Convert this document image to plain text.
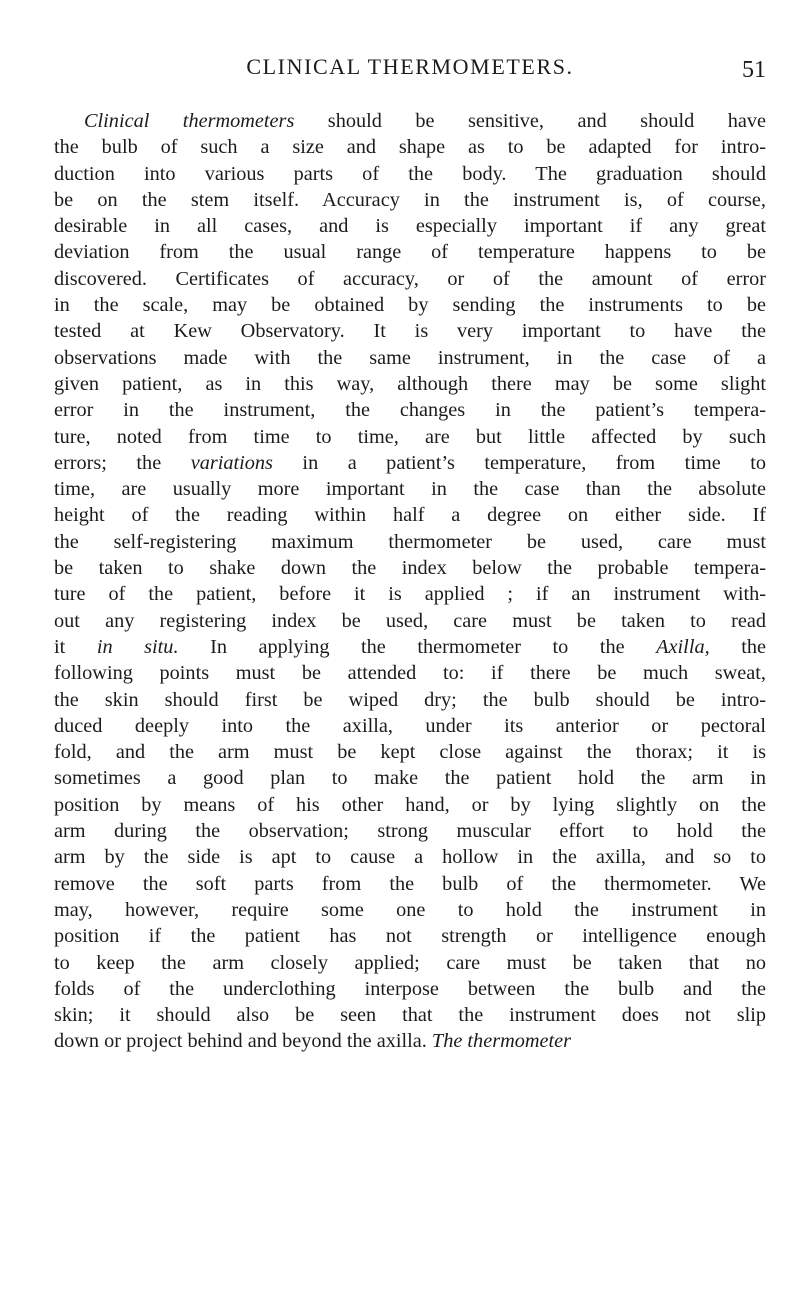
CLINICAL THERMOMETERS.	51
Clinical thermometers should be sensitive, and should have
the bulb of such a size and shape as to be adapted for intro-
duction into various parts of the body. The graduation should
be on the stem itself. Accuracy in the instrument is, of course,
desirable in all cases, and is especially important if any great
deviation from the usual range of temperature happens to be
discovered. Certificates of accuracy, or of the amount of error
in the scale, may be obtained by sending the instruments to be
tested at Kew Observatory. It is very important to have the
observations made with the same instrument, in the case of a
given patient, as in this way, although there may be some slight
error in the instrument, the changes in the patient’s tempera-
ture, noted from time to time, are but little affected by such
errors; the variations in a patient’s temperature, from time to
time, are usually more important in the case than the absolute
height of the reading within half a degree on either side. If
the self-registering maximum thermometer be used, care must
be taken to shake down the index below the probable tempera-
ture of the patient, before it is applied ; if an instrument with-
out any registering index be used, care must be taken to read
it in situ. In applying the thermometer to the Axilla, the
following points must be attended to: if there be much sweat,
the skin should first be wiped dry; the bulb should be intro-
duced deeply into the axilla, under its anterior or pectoral
fold, and the arm must be kept close against the thorax; it is
sometimes a good plan to make the patient hold the arm in
position by means of his other hand, or by lying slightly on the
arm during the observation; strong muscular effort to hold the
arm by the side is apt to cause a hollow in the axilla, and so to
remove the soft parts from the bulb of the thermometer. We
may, however, require some one to hold the instrument in
position if the patient has not strength or intelligence enough
to keep the arm closely applied; care must be taken that no
folds of the underclothing interpose between the bulb and the
skin; it should also be seen that the instrument does not slip
down or project behind and beyond the axilla. The thermometer
